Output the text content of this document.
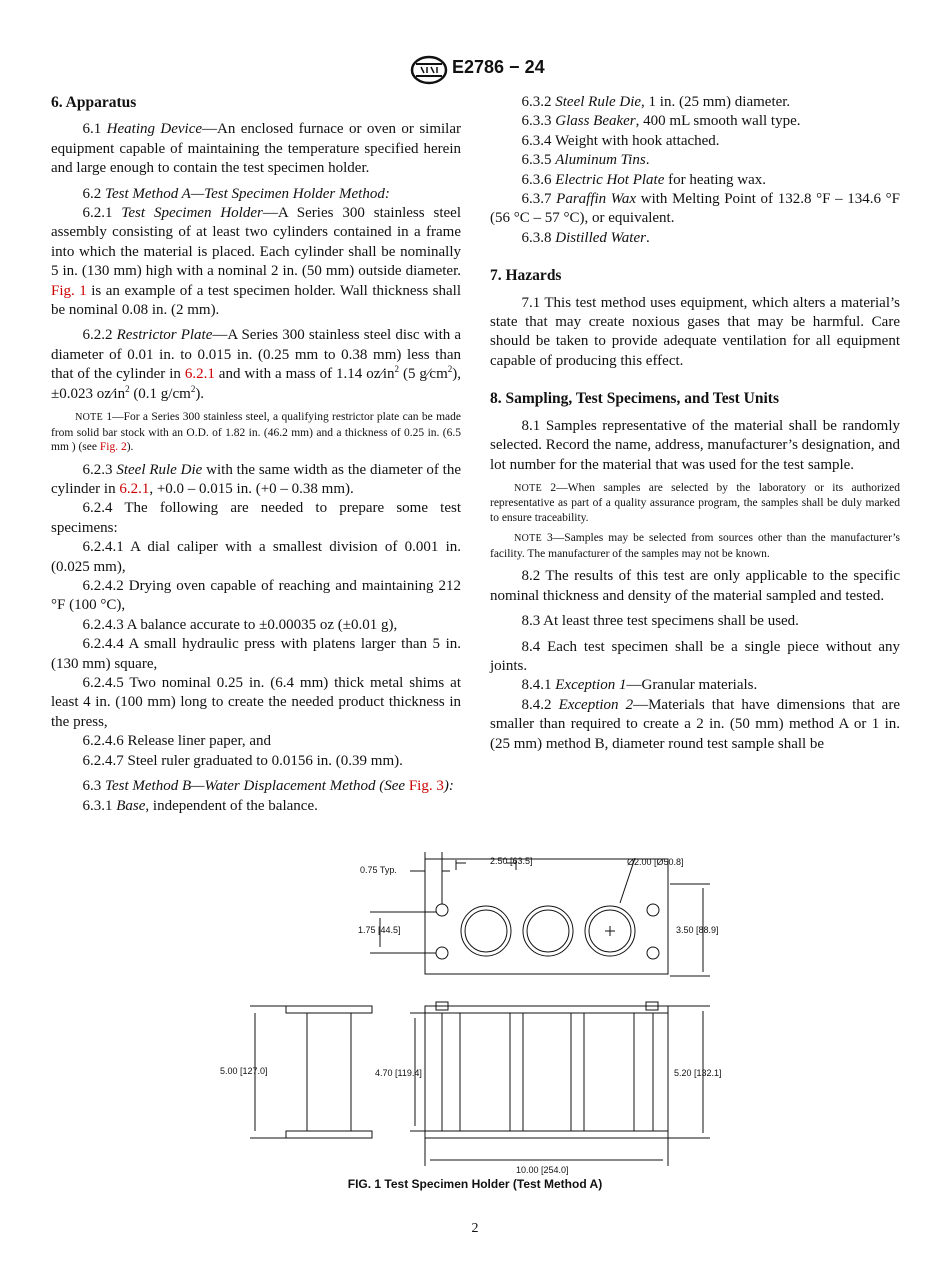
E2786 − 24

6. Apparatus

6.1 Heating Device—An enclosed furnace or oven or similar equipment capable of maintaining the temperature specified herein and large enough to contain the test specimen holder.

6.2 Test Method A—Test Specimen Holder Method:

6.2.1 Test Specimen Holder—A Series 300 stainless steel assembly consisting of at least two cylinders contained in a frame into which the material is placed. Each cylinder shall be nominally 5 in. (130 mm) high with a nominal 2 in. (50 mm) outside diameter. Fig. 1 is an example of a test specimen holder. Wall thickness shall be nominal 0.08 in. (2 mm).

6.2.2 Restrictor Plate—A Series 300 stainless steel disc with a diameter of 0.01 in. to 0.015 in. (0.25 mm to 0.38 mm) less than that of the cylinder in 6.2.1 and with a mass of 1.14 $oz⁄in^2$ (5 $g⁄cm^2$), ±0.023 $oz⁄in^2$ (0.1 $g/cm^2$).

NOTE 1—For a Series 300 stainless steel, a qualifying restrictor plate can be made from solid bar stock with an O.D. of 1.82 in. (46.2 mm) and a thickness of 0.25 in. (6.5 mm ) (see Fig. 2).

6.2.3 Steel Rule Die with the same width as the diameter of the cylinder in 6.2.1, +0.0 – 0.015 in. (+0 – 0.38 mm).

6.2.4 The following are needed to prepare some test specimens:

6.2.4.1 A dial caliper with a smallest division of 0.001 in. (0.025 mm),

6.2.4.2 Drying oven capable of reaching and maintaining 212 °F (100 °C),

6.2.4.3 A balance accurate to ±0.00035 oz (±0.01 g),

6.2.4.4 A small hydraulic press with platens larger than 5 in. (130 mm) square,

6.2.4.5 Two nominal 0.25 in. (6.4 mm) thick metal shims at least 4 in. (100 mm) long to create the needed product thickness in the press,

6.2.4.6 Release liner paper, and

6.2.4.7 Steel ruler graduated to 0.0156 in. (0.39 mm).

6.3 Test Method B—Water Displacement Method (See Fig. 3):

6.3.1 Base, independent of the balance.

6.3.2 Steel Rule Die, 1 in. (25 mm) diameter.

6.3.3 Glass Beaker, 400 mL smooth wall type.

6.3.4 Weight with hook attached.

6.3.5 Aluminum Tins.

6.3.6 Electric Hot Plate for heating wax.

6.3.7 Paraffin Wax with Melting Point of 132.8 °F – 134.6 °F (56 °C – 57 °C), or equivalent.

6.3.8 Distilled Water.

7. Hazards

7.1 This test method uses equipment, which alters a material’s state that may create noxious gases that may be harmful. Care should be taken to provide adequate ventilation for all equipment capable of producing this effect.

8. Sampling, Test Specimens, and Test Units

8.1 Samples representative of the material shall be randomly selected. Record the name, address, manufacturer’s designation, and lot number for the material that was used for the test sample.

NOTE 2—When samples are selected by the laboratory or its authorized representative as part of a quality assurance program, the samples shall be duly marked to ensure traceability.

NOTE 3—Samples may be selected from sources other than the manufacturer’s facility. The manufacturer of the samples may not be known.

8.2 The results of this test are only applicable to the specific nominal thickness and density of the material sampled and tested.

8.3 At least three test specimens shall be used.

8.4 Each test specimen shall be a single piece without any joints.

8.4.1 Exception 1—Granular materials.

8.4.2 Exception 2—Materials that have dimensions that are smaller than required to create a 2 in. (50 mm) method A or 1 in. (25 mm) method B, diameter round test sample shall be

0.75 Typ.
2.50 [63.5]	Ø2.00 [Ø50.8]
1.75 [44.5]	3.50 [88.9]
5.00 [127.0]	4.70 [119.4]	5.20 [132.1]
10.00 [254.0]
FIG. 1 Test Specimen Holder (Test Method A)
2
